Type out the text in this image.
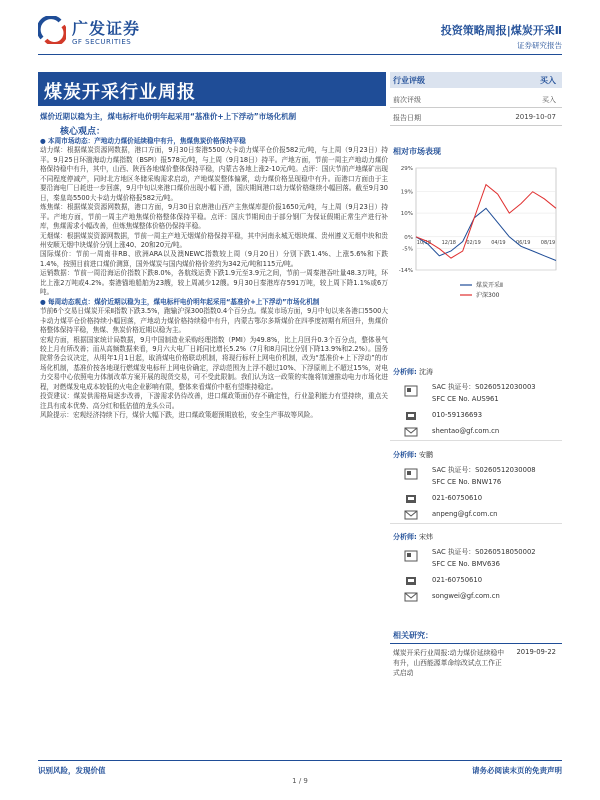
广发证券
GF SECURITIES
投资策略周报|煤炭开采Ⅱ
证券研究报告
煤炭开采行业周报
煤价近期以稳为主，煤电标杆电价明年起采用“基准价+上下浮动”市场化机制
核心观点：

● 本周市场动态：产地动力煤价延续稳中有升，焦煤焦炭价格保持平稳

动力煤：根据煤炭资源网数据，港口方面，9月30日秦港5500大卡动力煤平仓价报582元/吨，与上周（9月23日）持平。9月25日环渤海动力煤指数（BSPI）报578元/吨，与上周（9月18日）持平。产地方面，节前一周主产地动力煤价格保持稳中有升，其中，山西、陕西各地煤价整体保持平稳，内蒙古各地上涨2-10元/吨。点评：国庆节前产地煤矿出现不同程度停减产，同时北方地区冬储采购需求启动，产地煤炭整体偏紧，动力煤价格呈现稳中有升。而港口方面由于主要沿海电厂日耗进一步回落，9月中旬以来港口煤价出现小幅下滑，国庆期间港口动力煤价格继续小幅回落。截至9月30日，秦皇岛5500大卡动力煤价格报582元/吨。

炼焦煤：根据煤炭资源网数据，港口方面，9月30日京唐港山西产主焦煤库提价报1650元/吨，与上周（9月23日）持平。产地方面，节前一周主产地焦煤价格整体保持平稳。点评：国庆节期间由于部分钢厂为保证假期正常生产进行补库，焦煤需求小幅改善，但炼焦煤整体价格仍保持平稳。

无烟煤：根据煤炭资源网数据，节前一周主产地无烟煤价格保持平稳，其中河南永城无烟块煤、贵州遵义无烟中块和贵州安顺无烟中块煤价分别上涨40、20和20元/吨。

国际煤价：节前一周南非RB、欧洲ARA以及澳NEWC指数较上周（9月20日）分别下跌1.4%、上涨5.6%和下跌1.4%，按照目前进口煤价测算，国外煤炭与国内煤价格价差约为342元/吨和115元/吨。

运销数据：节前一周沿海运价指数下跌8.0%，各航线运费下跌1.9元至3.9元之间，节前一周秦港吞吐量48.3万吨，环比上涨2万吨或4.2%。秦港锚地船舶为23艘，较上周减少12艘。9月30日秦港库存591万吨，较上周下降1.1%或6万吨。

● 每周动态观点：煤价近期以稳为主，煤电标杆电价明年起采用“基准价+上下浮动”市场化机制

节前6个交易日煤炭开采Ⅱ指数下跌3.5%，跑输沪深300指数0.4个百分点。煤炭市场方面，9月中旬以来各港口5500大卡动力煤平仓价格持续小幅回落，产地动力煤价格持续稳中有升，内蒙古鄂尔多斯煤价在四季度初期有所回升，焦煤价格整体保持平稳，焦煤、焦炭价格近期以稳为主。

宏观方面，根据国家统计局数据，9月中国制造业采购经理指数（PMI）为49.8%，比上月回升0.3个百分点，整体景气较上月有所改善；而从高频数据来看，9月六大电厂日耗同比增长5.2%（7月和8月同比分别下降13.9%和2.2%）。国务院常务会议决定，从明年1月1日起，取消煤电价格联动机制，将现行标杆上网电价机制，改为“基准价+上下浮动”的市场化机制，基准价按各地现行燃煤发电标杆上网电价确定，浮动范围为上浮不超过10%、下浮原则上不超过15%，对电力交易中心依照电力体制改革方案开展的现货交易，可不受此限制。我们认为这一政策的实施将加速推动电力市场化进程，对燃煤发电成本较低的火电企业影响有限，整体来看煤价中枢有望维持稳定。

投资建议：煤炭供需格局逐步改善，下游需求仍待改善，进口煤政策面仍存不确定性，行业盈利能力有望持续，重点关注具有成本优势、高分红和低估值的龙头公司。

风险提示：宏观经济持续下行，煤价大幅下跌，进口煤政策超预期放松，安全生产事故等风险。

行业评级	买入
前次评级	买入
报告日期	2019-10-07
相对市场表现
29%
19%
10%
0%
-5%
-14%
10/18 12/18 02/19 04/19 06/19 08/19
煤炭开采Ⅱ
沪深300
分析师: 沈涛
SAC 执证号：S0260512030003
SFC CE No. AUS961
010-59136693
shentao@gf.com.cn
分析师: 安鹏
SAC 执证号：S0260512030008
SFC CE No. BNW176
021-60750610
anpeng@gf.com.cn
分析师: 宋炜
SAC 执证号：S0260518050002
SFC CE No. BMV636
021-60750610
songwei@gf.com.cn
相关研究：
煤炭开采行业周报:动力煤价延续稳中有升，山西能源革命综改试点工作正式启动
2019-09-22
识别风险，发现价值	请务必阅读末页的免责声明
1 / 9
